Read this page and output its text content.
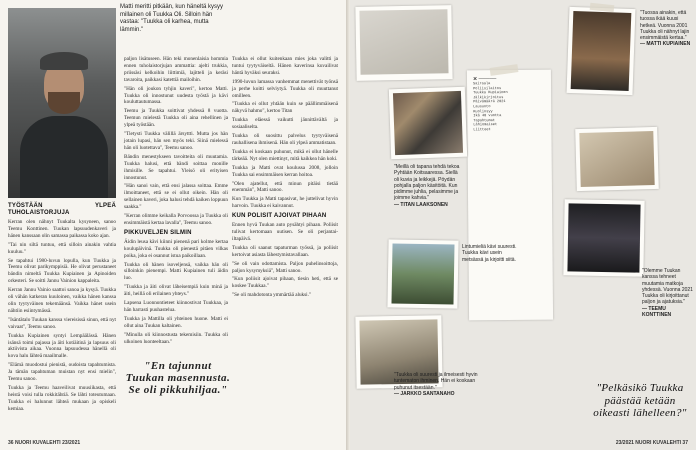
Matti meritti pitkään, kun häneltä kysyy millainen oli Tuukka Oli. Silloin hän vastaa: "Tuukka oli karhea, mutta lämmin."
TYÖSTÄÄN YLPEÄ TUHOLAISTORJUJA

Kerran olen nähnyt Tuukalta kysyneen, sanoo Teemu Konttinen. Tuukan lapsuudenkaveri ja hänen kanssaan olin samassa paikassa koko ajan.

"Tai nin siltä tuntuu, että silloin ainakin vahtia kuuluu."

Se tapahtui 1980-luvun lopulla, kun Tuukka ja Teemu olivat parikymppisiä. He olivat perustaneet bändin nimeltä Tuukka Kupiainen ja Apinoiden orkesteri. Se soitti Jannu Vainion kappaleita.

Kerran Jannu Vainio saattoi sanoa ja kysyä. Tuukka oli vähän katkeran kuuloinen, vaikka hänen kanssa olin tyytyväinen tekemäänsä. Vaikka hänet usein nähtiin esiintymässä.

"Isäntätalo Tuukan kanssa viereisissä sinun, että nyt vaivaat", Teemu sanoo.

Tuukka Kupiainen syntyi Lempäälässä. Hänen isänsä toimi pajassa ja äiti kotiäitinä ja lapsuus oli aktiivista aikaa. Vuonna lapsuudessa hänellä oli kova halu lähteä maailmalle.

"Elämä muodostui pienistä, oudoista tapahtumista. Ja tämän tapahtuman muistan nyt ensi mielin", Teemu sanoo.

Tuukka ja Teemu haaveilivat muusiikasta, että heistä voisi tulla rokkitähtiä. Se lähti toteutumaan. Tuukka ei halunnut lähteä mukaan ja opiskeli kemiaa.

paljon lisätuseen. Hän teki monenlaisia hommia ennen tuholaistorjujan ammattia: ajelti trukkia, priissäsi kelkoihin liittimiä, lajitteli ja keräsi tavaroita, paikkasi katettiä mailoihin.

"Hän oli joukon tyhjin kaveri", kertoo Matti. Tuukka oli innostunut uudesta työstä ja kävi kouluttautumassa.

Teemu ja Tuukka soittivat yhdessä 8 vuotta. Teemun mielestä Tuukka oli aina rehellinen ja ylpeä työstään.

"Tietysti Tuukka välillä ärsyttti. Mutta jos hän jotain lupasi, hän sen myös teki. Siinä mielessä hän oli luotettava", Teemu sanoo.

Bändin menestykseen tavoitteita oli muutamia. Tuukka halusi, että bändi soittaa monille ihmisille. Se tapahtui. Yleisö oli erityisen innostunut.

"Hän sanoi vain, että ensi jalassa soittaa. Emme ilmoittaneet, että se ei ollut oikein. Hän oli sellainen kaveri, joka halusi tehdä kaiken loppuun saakka."

"Kerran olimme keikalla Porvoossa ja Tuukka oli ensimmäistä kertaa lavalla", Teemu sanoo.

PIKKUVELJEN SILMIN

Äidin leusa kävi kiinni pienenä pari kolme kertaa koulupäivinä. Tuukka oli pienestä pitäen vilkas poika, joka ei osannut istua paikoillaan.

Tuukka oli hänen isoveljensä, vaikka hän oli silloinkin pienempi. Matti Kupiainen tuli äidin luo.

"Tuukka ja äiti olivat läheisempiä kuin minä ja äiti, heillä oli erilainen yhteys."

Lapsena Luonnontieteet kiinnostivat Tuukkaa, ja hän harrasti puuhastelua.

Tuukka ja Mattilla oli yhteinen huone. Matti ei ollut aina Tuukan kaltainen.

"Minulla oli kiinnostusta tekemisiin. Tuukka oli ulkoinen luonteeltaan."

"En tajunnut Tuukan masennusta. Se oli pikkuhiljaa."

Tuukka ei ollut kuitenkaan mies joka valitti ja tuntui tyytyväiseltä. Hänen kaverinsa kuvailivat häntä hyväksi seuraksi.

1990-luvun lamassa vanhemmat menettivät työnsä ja perhe koitti selviytyä. Tuukka oli muuttanut omilleen.

"Tuukka ei ollut yhtään kuin se päällimmäisenä näkyvä hahmo", kertoo Titan

Tuukka eläessä vaikutti jännittävältä ja sosiaaliselta.

Tuukka oli suosittu palvelus tyytyväisenä rauhallisena ihmisenä. Hän oli ylpeä ammatistaan.

Tuukka ei koskaan puhunut, mikä ei ollut hänelle tärkeää. Nyt olen miettinyt, mitä kaikkea hän koki.

Tuukka ja Matti ovat koulussa 2008, jolloin Tuukka sai ensimmäisen kerran hoitoa.

"Olen ajatellut, että minun pitäisi tietää enemmän", Matti sanoo.

Kun Tuukka ja Matti tapasivat, he juttelivat hyvin harvoin. Tuukka ei kaivannut.

KUN POLISIT AJOIVAT PIHAAN

Ennen hyvä Tuukan auto pysähtyi pihaan. Poliisit tulivat kertomaan uutisen. Se oli perjantai-iltapäivä.

Tuukka oli saanut tapaturman työssä, ja poliisit kertoivat asiasta lähestymistavallaan.

"Se oli vain odottamista. Paljon puhelinsoittoja, paljon kysymyksiä", Matti sanoo.

"Kun poliisit ajoivat pihaan, tiesin heti, että se koskee Tuukkaa."

"Se oli mahdotonta ymmärtää aluksi."

36 NUORI KUVALEHTI 23/2021
✕ ─────
Sairaala
Poliisilaitos
Tuukka Kupiainen
Jälkikirjoitus
Päivämäärä 2021
Lausunto
Kuolinsyy
Ikä 40 vuotta
Tapahtumat
Lähiomaiset
Liitteet
"Meillä oli tapana tehdä tekoa Pyhtään Koitsaaressa. Siellä oli kuvia ja leikkejä. Pöydän pohjalla paljon käsitöitä. Kun pidimme juhlia, pelasimme ja joimme kahvia."
— TITAN LAAKSONEN
Lintumieliä kävi suuresti. Tuukka kävi usein metsässä ja kirjoitti siitä.
"Tuukka oli suuresti ja ilmeisesti hyvin tuntematon ihminen. Hän ei koskaan puhunut itsestään."
— JARKKO SANTANAHO
"Tuossa ainakin, että tuossa ikää kuusi hetkeä. Vuonna 2001 Tuukka oli nähnyt lajin ensimmäistä kertaa."
— MATTI KUPIAINEN
"Olemme Tuukan kanssa tehneet muutamia matkoja yhdessä. Vuonna 2021 Tuukka oli kirjoittanut paljon ja ajatuksia."
— TEEMU KONTTINEN
"Pelkäsikö Tuukka päästää ketään oikeasti lähelleen?"
23/2021 NUORI KUVALEHTI 37
